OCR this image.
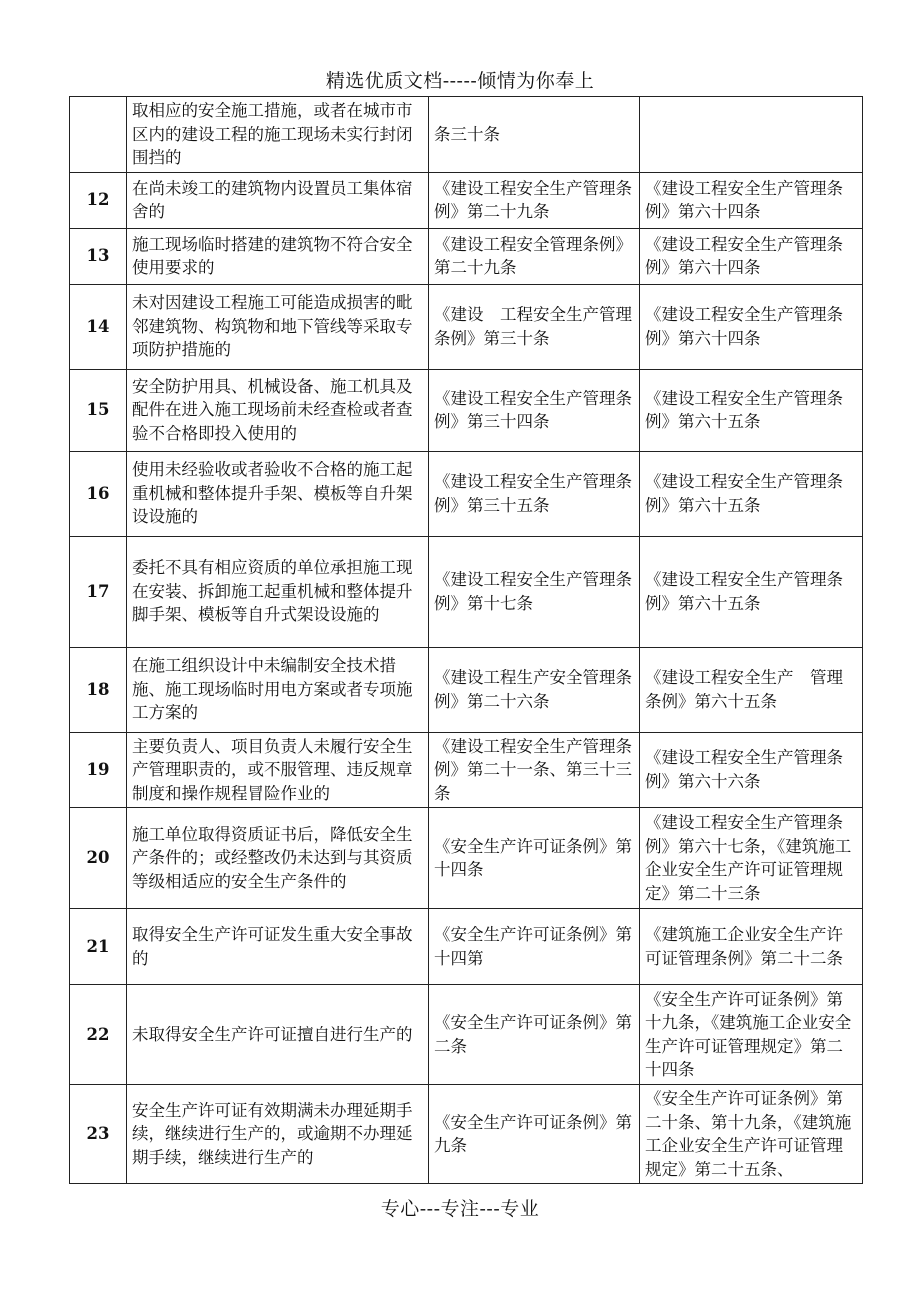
精选优质文档-----倾情为你奉上
	取相应的安全施工措施，或者在城市市区内的建设工程的施工现场未实行封闭围挡的	条三十条	
12	在尚未竣工的建筑物内设置员工集体宿舍的	《建设工程安全生产管理条例》第二十九条	《建设工程安全生产管理条例》第六十四条
13	施工现场临时搭建的建筑物不符合安全使用要求的	《建设工程安全管理条例》第二十九条	《建设工程安全生产管理条例》第六十四条
14	未对因建设工程施工可能造成损害的毗邻建筑物、构筑物和地下管线等采取专项防护措施的	《建设　工程安全生产管理条例》第三十条	《建设工程安全生产管理条例》第六十四条
15	安全防护用具、机械设备、施工机具及配件在进入施工现场前未经查检或者查验不合格即投入使用的	《建设工程安全生产管理条例》第三十四条	《建设工程安全生产管理条例》第六十五条
16	使用未经验收或者验收不合格的施工起重机械和整体提升手架、模板等自升架设设施的	《建设工程安全生产管理条例》第三十五条	《建设工程安全生产管理条例》第六十五条
17	委托不具有相应资质的单位承担施工现在安装、拆卸施工起重机械和整体提升脚手架、模板等自升式架设设施的	《建设工程安全生产管理条例》第十七条	《建设工程安全生产管理条例》第六十五条
18	在施工组织设计中未编制安全技术措施、施工现场临时用电方案或者专项施工方案的	《建设工程生产安全管理条例》第二十六条	《建设工程安全生产　管理条例》第六十五条
19	主要负责人、项目负责人未履行安全生产管理职责的，或不服管理、违反规章制度和操作规程冒险作业的	《建设工程安全生产管理条例》第二十一条、第三十三条	《建设工程安全生产管理条例》第六十六条
20	施工单位取得资质证书后，降低安全生产条件的；或经整改仍未达到与其资质等级相适应的安全生产条件的	《安全生产许可证条例》第十四条	《建设工程安全生产管理条例》第六十七条，《建筑施工企业安全生产许可证管理规定》第二十三条
21	取得安全生产许可证发生重大安全事故的	《安全生产许可证条例》第十四第	《建筑施工企业安全生产许可证管理条例》第二十二条
22	未取得安全生产许可证擅自进行生产的	《安全生产许可证条例》第二条	《安全生产许可证条例》第十九条，《建筑施工企业安全生产许可证管理规定》第二十四条
23	安全生产许可证有效期满未办理延期手续，继续进行生产的，或逾期不办理延期手续，继续进行生产的	《安全生产许可证条例》第九条	《安全生产许可证条例》第二十条、第十九条，《建筑施工企业安全生产许可证管理规定》第二十五条、
专心---专注---专业
